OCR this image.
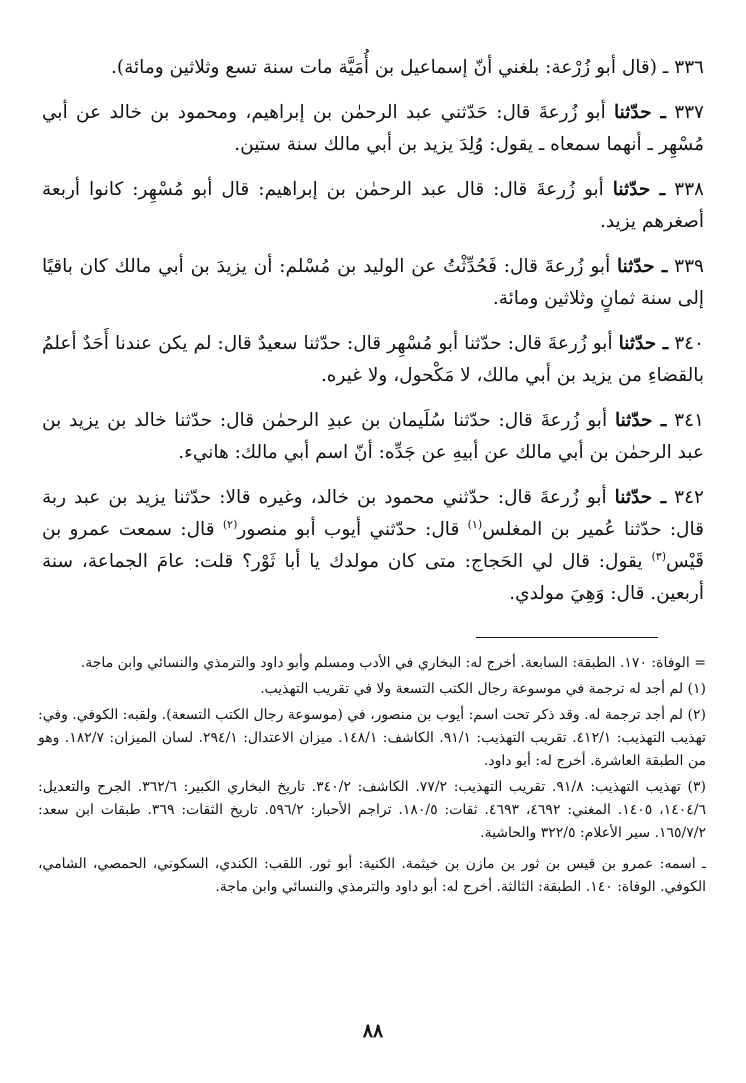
٣٣٦ ـ (قال أبو زُرْعة: بلغني أنّ إسماعيل بن أُمَيَّة مات سنة تسع وثلاثين ومائة).

٣٣٧ ـ حدّثنا أبو زُرعةَ قال: حَدّثني عبد الرحمٰن بن إبراهيم، ومحمود بن خالد عن أبي مُسْهِر ـ أنهما سمعاه ـ يقول: وُلِدَ يزيد بن أبي مالك سنة ستين.

٣٣٨ ـ حدّثنا أبو زُرعةَ قال: قال عبد الرحمٰن بن إبراهيم: قال أبو مُسْهِر: كانوا أربعة أصغرهم يزيد.

٣٣٩ ـ حدّثنا أبو زُرعةَ قال: فَحُدِّثْتُ عن الوليد بن مُسْلم: أن يزيدَ بن أبي مالك كان باقيًا إلى سنة ثمانٍ وثلاثين ومائة.

٣٤٠ ـ حدّثنا أبو زُرعةَ قال: حدّثنا أبو مُسْهِر قال: حدّثنا سعيدٌ قال: لم يكن عندنا أَحَدٌ أعلمُ بالقضاءِ من يزيد بن أبي مالك، لا مَكْحول، ولا غيره.

٣٤١ ـ حدّثنا أبو زُرعةَ قال: حدّثنا سُلَيمان بن عبدِ الرحمٰن قال: حدّثنا خالد بن يزيد بن عبد الرحمٰن بن أبي مالك عن أبيهِ عن جَدِّه: أنّ اسم أبي مالك: هانيء.

٣٤٢ ـ حدّثنا أبو زُرعةَ قال: حدّثني محمود بن خالد، وغيره قالا: حدّثنا يزيد بن عبد ربة قال: حدّثنا عُمير بن المغلس$^{(١)}$ قال: حدّثني أيوب أبو منصور$^{(٢)}$ قال: سمعت عمرو بن قَيْس$^{(٣)}$ يقول: قال لي الحَجاج: متى كان مولدك يا أبا ثَوْر؟ قلت: عامَ الجماعة، سنة أربعين. قال: وَهِيَ مولدي.

= الوفاة: ١٧٠. الطبقة: السابعة. أخرج له: البخاري في الأدب ومسلم وأبو داود والترمذي والنسائي وابن ماجة.

(١) لم أجد له ترجمة في موسوعة رجال الكتب التسعة ولا في تقريب التهذيب.

(٢) لم أجد ترجمة له. وقد ذكر تحت اسم: أيوب بن منصور، في (موسوعة رجال الكتب التسعة). ولقبه: الكوفي. وفي: تهذيب التهذيب: ٤١٢/١. تقريب التهذيب: ٩١/١. الكاشف: ١٤٨/١. ميزان الاعتدال: ٢٩٤/١. لسان الميزان: ١٨٢/٧. وهو من الطبقة العاشرة. أخرج له: أبو داود.

(٣) تهذيب التهذيب: ٩١/٨. تقريب التهذيب: ٧٧/٢. الكاشف: ٣٤٠/٢. تاريخ البخاري الكبير: ٣٦٢/٦. الجرح والتعديل: ١٤٠٤/٦، ١٤٠٥. المغني: ٤٦٩٢، ٤٦٩٣. ثقات: ١٨٠/٥. تراجم الأحبار: ٥٩٦/٢. تاريخ الثقات: ٣٦٩. طبقات ابن سعد: ١٦٥/٧/٢. سير الأعلام: ٣٢٢/٥ والحاشية.

ـ اسمه: عمرو بن قيس بن ثور بن مازن بن خيثمة. الكنية: أبو ثور. اللقب: الكندي، السكوني، الحمصي، الشامي، الكوفي. الوفاة: ١٤٠. الطبقة: الثالثة. أخرج له: أبو داود والترمذي والنسائي وابن ماجة.

٨٨
